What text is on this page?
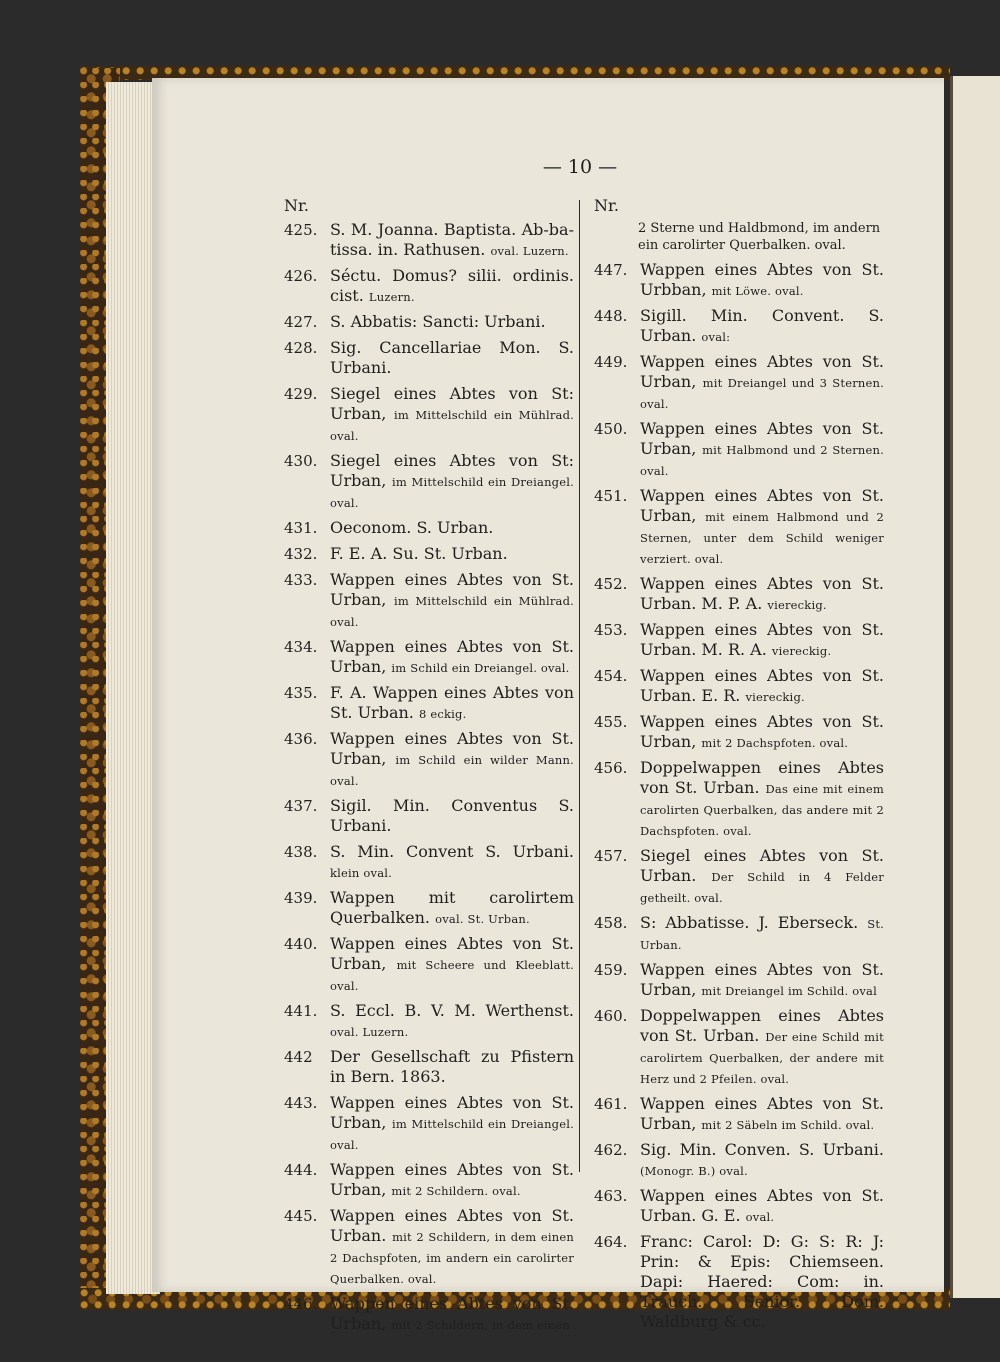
— 10 —
Nr.
425. S. M. Joanna. Baptista. Ab-ba-tissa. in. Rathusen. oval. Luzern.
426. Séctu. Domus? silii. ordinis. cist. Luzern.
427. S. Abbatis: Sancti: Urbani.
428. Sig. Cancellariae Mon. S. Urbani.
429. Siegel eines Abtes von St: Urban, im Mittelschild ein Mühlrad. oval.
430. Siegel eines Abtes von St: Urban, im Mittelschild ein Dreiangel. oval.
431. Oeconom. S. Urban.
432. F. E. A. Su. St. Urban.
433. Wappen eines Abtes von St. Urban, im Mittelschild ein Mühlrad. oval.
434. Wappen eines Abtes von St. Urban, im Schild ein Dreiangel. oval.
435. F. A. Wappen eines Abtes von St. Urban. 8 eckig.
436. Wappen eines Abtes von St. Urban, im Schild ein wilder Mann. oval.
437. Sigil. Min. Conventus S. Urbani.
438. S. Min. Convent S. Urbani. klein oval.
439. Wappen mit carolirtem Querbalken. oval. St. Urban.
440. Wappen eines Abtes von St. Urban, mit Scheere und Kleeblatt. oval.
441. S. Eccl. B. V. M. Werthenst. oval. Luzern.
442	Der Gesellschaft zu Pfistern in Bern. 1863.
443. Wappen eines Abtes von St. Urban, im Mittelschild ein Dreiangel. oval.
444. Wappen eines Abtes von St. Urban, mit 2 Schildern. oval.
445. Wappen eines Abtes von St. Urban. mit 2 Schildern, in dem einen 2 Dachspfoten, im andern ein carolirter Querbalken. oval.
446. Wappen eines Abtes von St. Urban, mit 2 Schildern, in dem einen
Nr.
2 Sterne und Haldbmond, im andern ein carolirter Querbalken. oval.
447. Wappen eines Abtes von St. Urbban, mit Löwe. oval.
448. Sigill. Min. Convent. S. Urban. oval:
449. Wappen eines Abtes von St. Urban, mit Dreiangel und 3 Sternen. oval.
450. Wappen eines Abtes von St. Urban, mit Halbmond und 2 Sternen. oval.
451. Wappen eines Abtes von St. Urban, mit einem Halbmond und 2 Sternen, unter dem Schild weniger verziert. oval.
452. Wappen eines Abtes von St. Urban. M. P. A. viereckig.
453. Wappen eines Abtes von St. Urban. M. R. A. viereckig.
454. Wappen eines Abtes von St. Urban. E. R. viereckig.
455. Wappen eines Abtes von St. Urban, mit 2 Dachspfoten. oval.
456. Doppelwappen eines Abtes von St. Urban. Das eine mit einem carolirten Querbalken, das andere mit 2 Dachspfoten. oval.
457. Siegel eines Abtes von St. Urban. Der Schild in 4 Felder getheilt. oval.
458. S: Abbatisse. J. Eberseck. St. Urban.
459. Wappen eines Abtes von St. Urban, mit Dreiangel im Schild. oval
460. Doppelwappen eines Abtes von St. Urban. Der eine Schild mit carolirtem Querbalken, der andere mit Herz und 2 Pfeilen. oval.
461. Wappen eines Abtes von St. Urban, mit 2 Säbeln im Schild. oval.
462. Sig. Min. Conven. S. Urbani. (Monogr. B.) oval.
463. Wappen eines Abtes von St. Urban. G. E. oval.
464. Franc: Carol: D: G: S: R: J: Prin: & Epis: Chiemseen. Dapi: Haered: Com: in. Trauch. Senior. Dom. Waldburg & cc.
